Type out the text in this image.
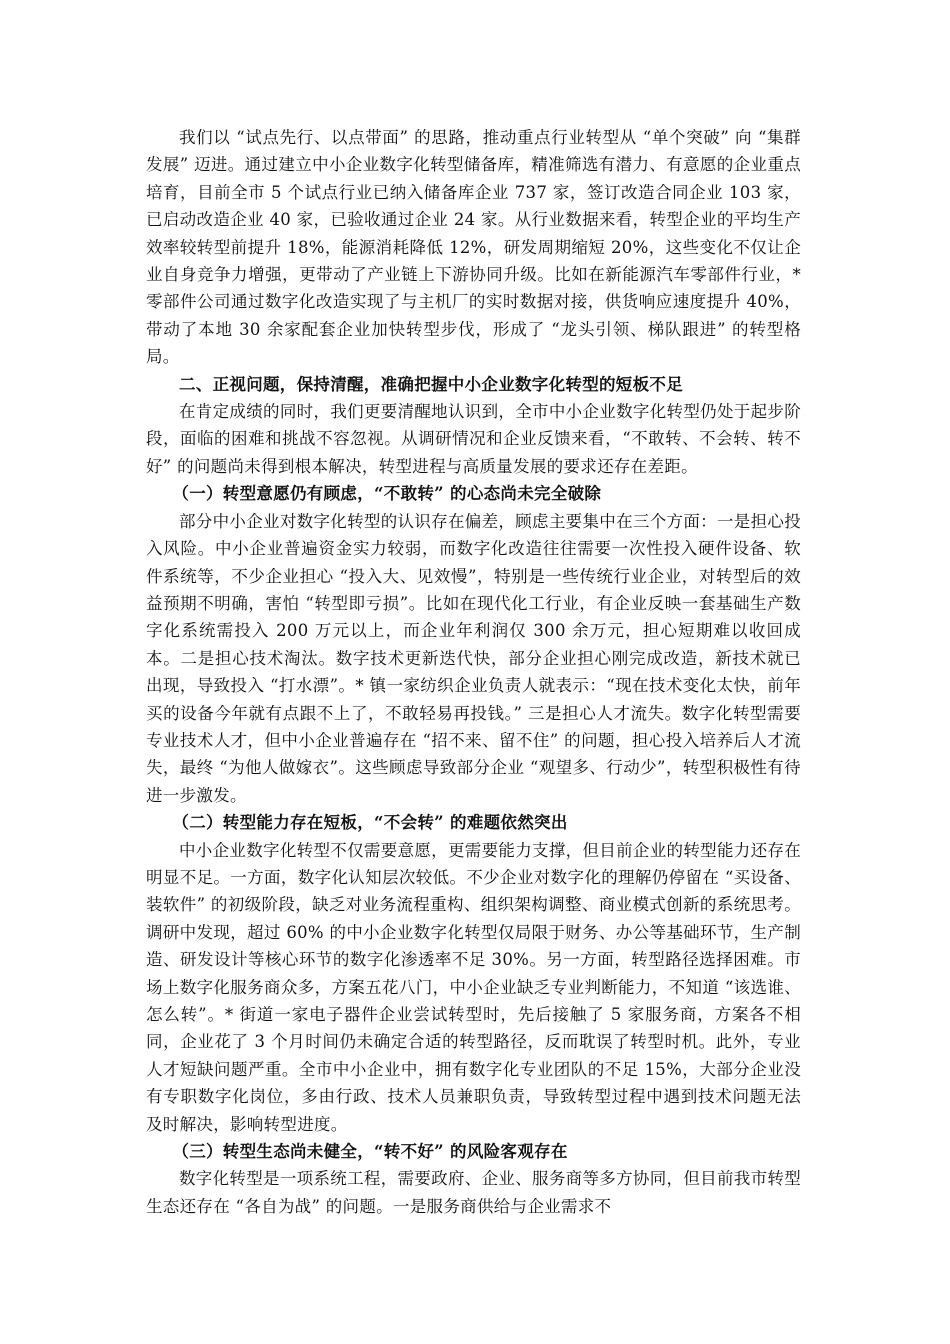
我们以 “试点先行、以点带面” 的思路，推动重点行业转型从 “单个突破” 向 “集群发展” 迈进。通过建立中小企业数字化转型储备库，精准筛选有潜力、有意愿的企业重点培育，目前全市 5 个试点行业已纳入储备库企业 737 家，签订改造合同企业 103 家，已启动改造企业 40 家，已验收通过企业 24 家。从行业数据来看，转型企业的平均生产效率较转型前提升 18%，能源消耗降低 12%，研发周期缩短 20%，这些变化不仅让企业自身竞争力增强，更带动了产业链上下游协同升级。比如在新能源汽车零部件行业，* 零部件公司通过数字化改造实现了与主机厂的实时数据对接，供货响应速度提升 40%，带动了本地 30 余家配套企业加快转型步伐，形成了 “龙头引领、梯队跟进” 的转型格局。

二、正视问题，保持清醒，准确把握中小企业数字化转型的短板不足

在肯定成绩的同时，我们更要清醒地认识到，全市中小企业数字化转型仍处于起步阶段，面临的困难和挑战不容忽视。从调研情况和企业反馈来看，“不敢转、不会转、转不好” 的问题尚未得到根本解决，转型进程与高质量发展的要求还存在差距。

（一）转型意愿仍有顾虑，“不敢转” 的心态尚未完全破除

部分中小企业对数字化转型的认识存在偏差，顾虑主要集中在三个方面：一是担心投入风险。中小企业普遍资金实力较弱，而数字化改造往往需要一次性投入硬件设备、软件系统等，不少企业担心 “投入大、见效慢”，特别是一些传统行业企业，对转型后的效益预期不明确，害怕 “转型即亏损”。比如在现代化工行业，有企业反映一套基础生产数字化系统需投入 200 万元以上，而企业年利润仅 300 余万元，担心短期难以收回成本。二是担心技术淘汰。数字技术更新迭代快，部分企业担心刚完成改造，新技术就已出现，导致投入 “打水漂”。* 镇一家纺织企业负责人就表示：“现在技术变化太快，前年买的设备今年就有点跟不上了，不敢轻易再投钱。” 三是担心人才流失。数字化转型需要专业技术人才，但中小企业普遍存在 “招不来、留不住” 的问题，担心投入培养后人才流失，最终 “为他人做嫁衣”。这些顾虑导致部分企业 “观望多、行动少”，转型积极性有待进一步激发。

（二）转型能力存在短板，“不会转” 的难题依然突出

中小企业数字化转型不仅需要意愿，更需要能力支撑，但目前企业的转型能力还存在明显不足。一方面，数字化认知层次较低。不少企业对数字化的理解仍停留在 “买设备、装软件” 的初级阶段，缺乏对业务流程重构、组织架构调整、商业模式创新的系统思考。调研中发现，超过 60% 的中小企业数字化转型仅局限于财务、办公等基础环节，生产制造、研发设计等核心环节的数字化渗透率不足 30%。另一方面，转型路径选择困难。市场上数字化服务商众多，方案五花八门，中小企业缺乏专业判断能力，不知道 “该选谁、怎么转”。* 街道一家电子器件企业尝试转型时，先后接触了 5 家服务商，方案各不相同，企业花了 3 个月时间仍未确定合适的转型路径，反而耽误了转型时机。此外，专业人才短缺问题严重。全市中小企业中，拥有数字化专业团队的不足 15%，大部分企业没有专职数字化岗位，多由行政、技术人员兼职负责，导致转型过程中遇到技术问题无法及时解决，影响转型进度。

（三）转型生态尚未健全，“转不好” 的风险客观存在

数字化转型是一项系统工程，需要政府、企业、服务商等多方协同，但目前我市转型生态还存在 “各自为战” 的问题。一是服务商供给与企业需求不
